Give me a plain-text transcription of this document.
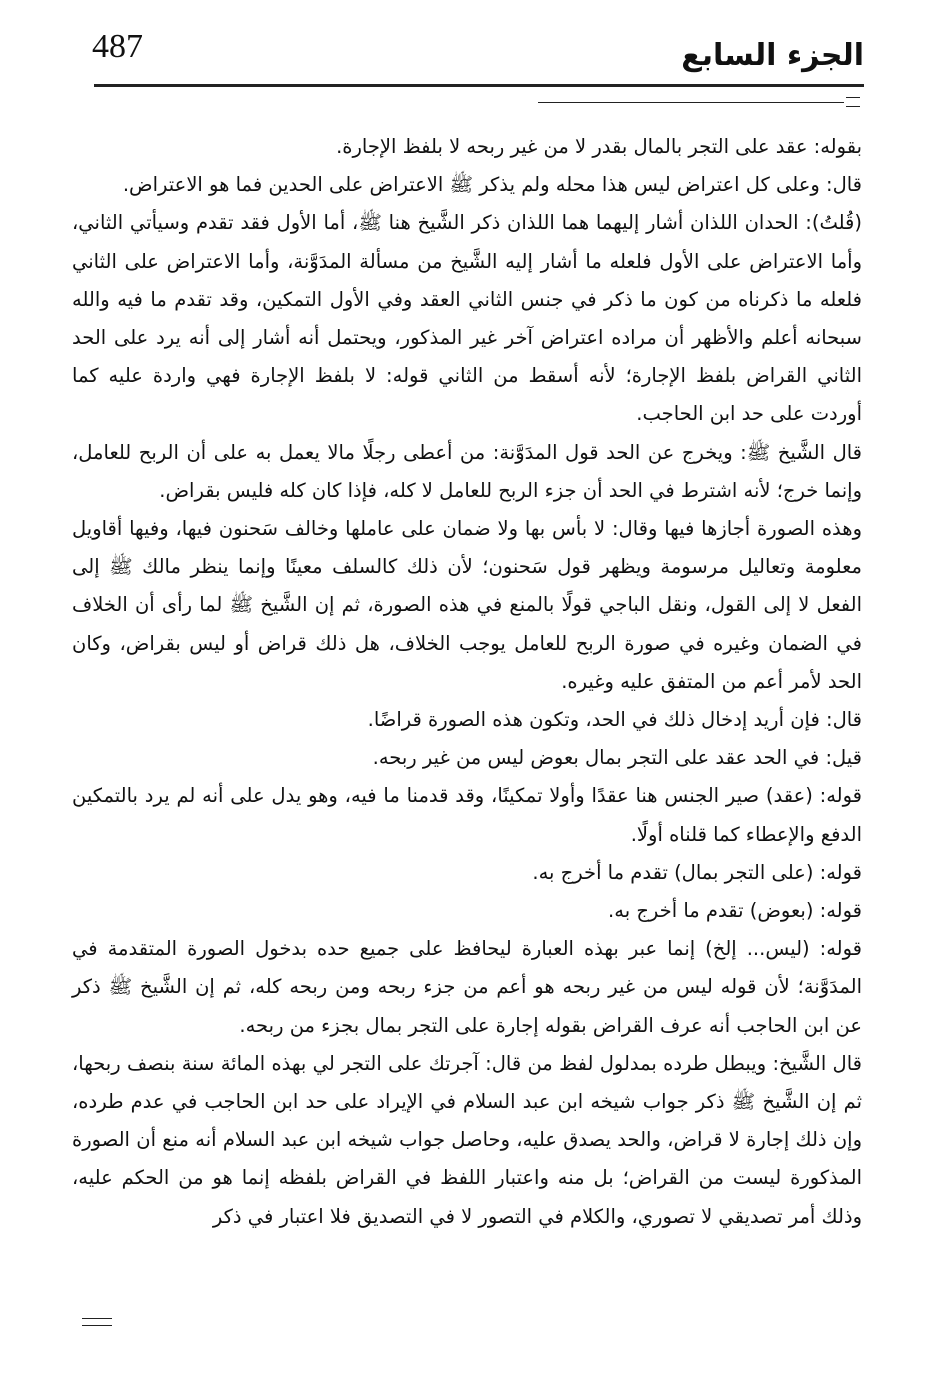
487	الجزء السابع

بقوله: عقد على التجر بالمال بقدر لا من غير ربحه لا بلفظ الإجارة.

قال: وعلى كل اعتراض ليس هذا محله ولم يذكر ﷺ الاعتراض على الحدين فما هو الاعتراض.

(قُلتُ): الحدان اللذان أشار إليهما هما اللذان ذكر الشَّيخ هنا ﷺ، أما الأول فقد تقدم وسيأتي الثاني، وأما الاعتراض على الأول فلعله ما أشار إليه الشَّيخ من مسألة المدَوَّنة، وأما الاعتراض على الثاني فلعله ما ذكرناه من كون ما ذكر في جنس الثاني العقد وفي الأول التمكين، وقد تقدم ما فيه والله سبحانه أعلم والأظهر أن مراده اعتراض آخر غير المذكور، ويحتمل أنه أشار إلى أنه يرد على الحد الثاني القراض بلفظ الإجارة؛ لأنه أسقط من الثاني قوله: لا بلفظ الإجارة فهي واردة عليه كما أوردت على حد ابن الحاجب.

قال الشَّيخ ﷺ: ويخرج عن الحد قول المدَوَّنة: من أعطى رجلًا مالا يعمل به على أن الربح للعامل، وإنما خرج؛ لأنه اشترط في الحد أن جزء الربح للعامل لا كله، فإذا كان كله فليس بقراض.

وهذه الصورة أجازها فيها وقال: لا بأس بها ولا ضمان على عاملها وخالف سَحنون فيها، وفيها أقاويل معلومة وتعاليل مرسومة ويظهر قول سَحنون؛ لأن ذلك كالسلف معينًا وإنما ينظر مالك ﷺ إلى الفعل لا إلى القول، ونقل الباجي قولًا بالمنع في هذه الصورة، ثم إن الشَّيخ ﷺ لما رأى أن الخلاف في الضمان وغيره في صورة الربح للعامل يوجب الخلاف، هل ذلك قراض أو ليس بقراض، وكان الحد لأمر أعم من المتفق عليه وغيره.

قال: فإن أريد إدخال ذلك في الحد، وتكون هذه الصورة قراضًا.

قيل: في الحد عقد على التجر بمال بعوض ليس من غير ربحه.

قوله: (عقد) صير الجنس هنا عقدًا وأولا تمكينًا، وقد قدمنا ما فيه، وهو يدل على أنه لم يرد بالتمكين الدفع والإعطاء كما قلناه أولًا.

قوله: (على التجر بمال) تقدم ما أخرج به.

قوله: (بعوض) تقدم ما أخرج به.

قوله: (ليس... إلخ) إنما عبر بهذه العبارة ليحافظ على جميع حده بدخول الصورة المتقدمة في المدَوَّنة؛ لأن قوله ليس من غير ربحه هو أعم من جزء ربحه ومن ربحه كله، ثم إن الشَّيخ ﷺ ذكر عن ابن الحاجب أنه عرف القراض بقوله إجارة على التجر بمال بجزء من ربحه.

قال الشَّيخ: ويبطل طرده بمدلول لفظ من قال: آجرتك على التجر لي بهذه المائة سنة بنصف ربحها، ثم إن الشَّيخ ﷺ ذكر جواب شيخه ابن عبد السلام في الإيراد على حد ابن الحاجب في عدم طرده، وإن ذلك إجارة لا قراض، والحد يصدق عليه، وحاصل جواب شيخه ابن عبد السلام أنه منع أن الصورة المذكورة ليست من القراض؛ بل منه واعتبار اللفظ في القراض بلفظه إنما هو من الحكم عليه، وذلك أمر تصديقي لا تصوري، والكلام في التصور لا في التصديق فلا اعتبار في ذكر
